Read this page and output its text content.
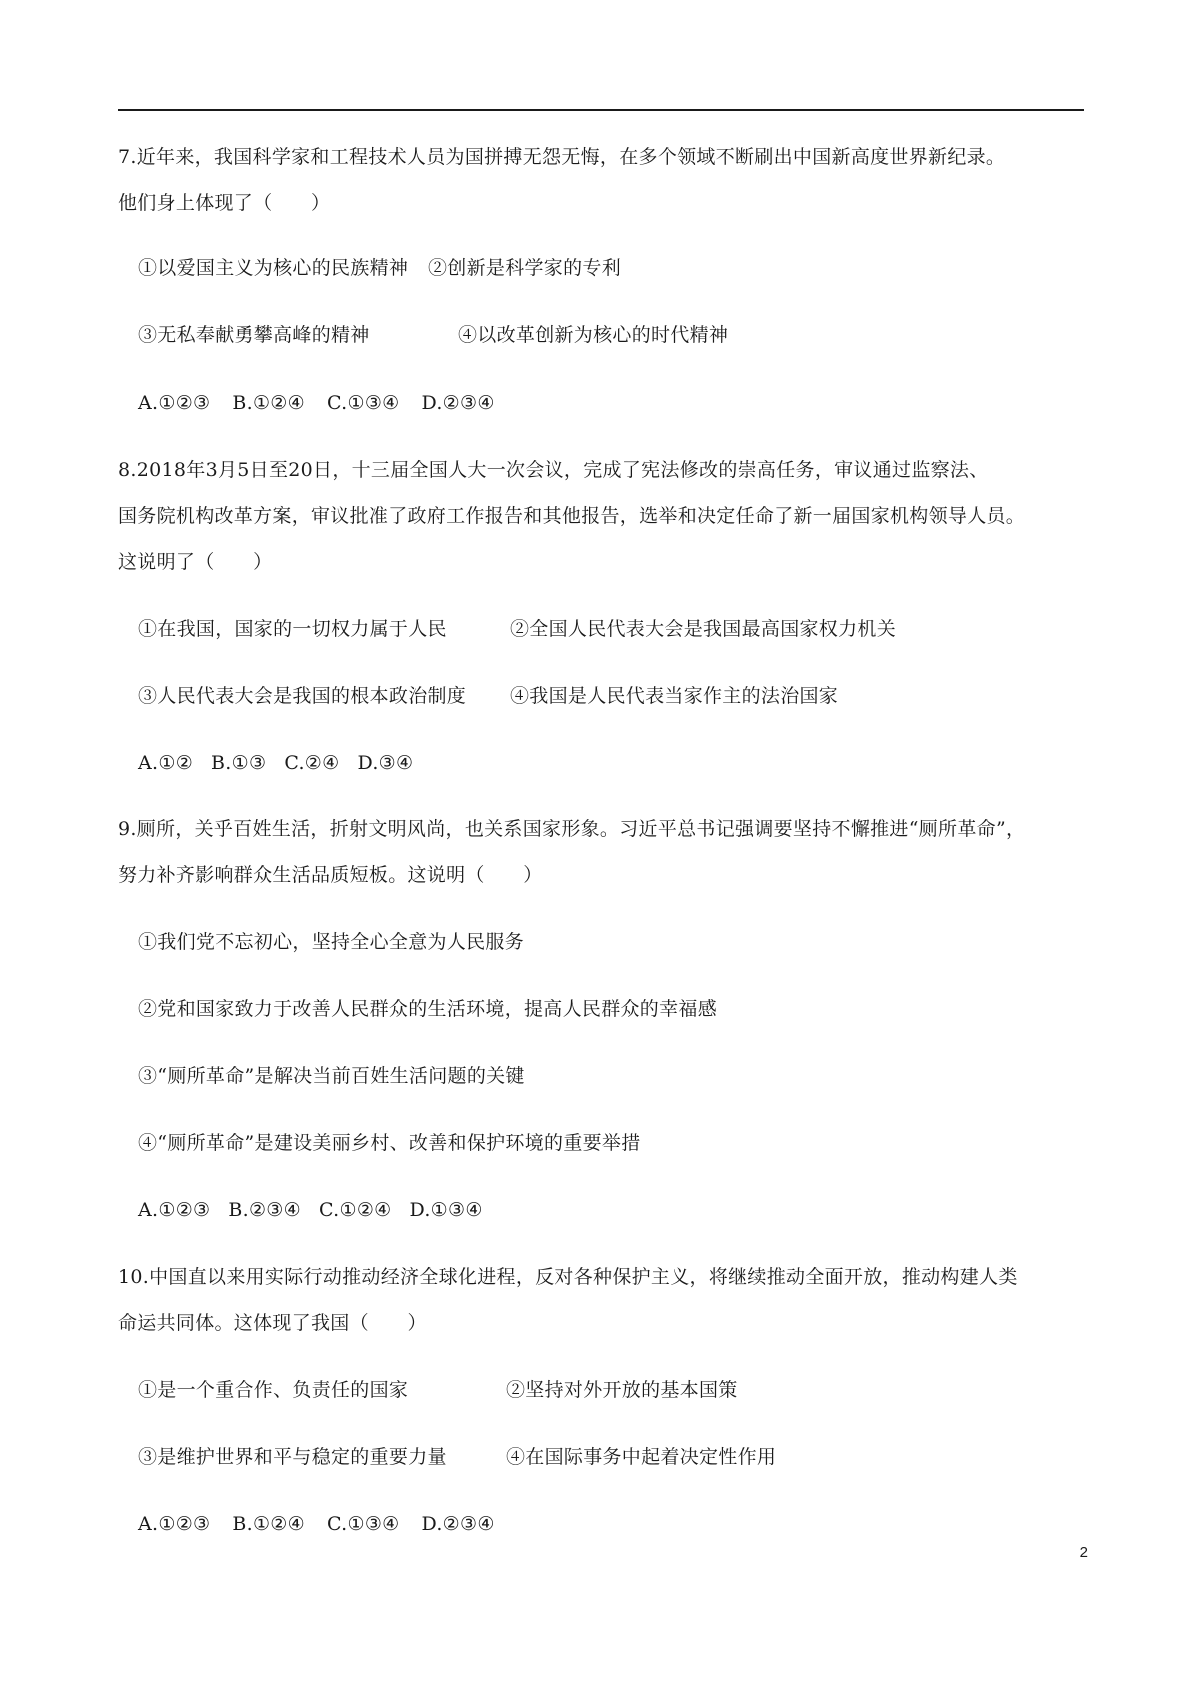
7.近年来，我国科学家和工程技术人员为国拼搏无怨无悔，在多个领域不断刷出中国新高度世界新纪录。
他们身上体现了（　　）
①以爱国主义为核心的民族精神 ②创新是科学家的专利
③无私奉献勇攀高峰的精神	④以改革创新为核心的时代精神
A.①②③ B.①②④ C.①③④ D.②③④
8.2018年3月5日至20日，十三届全国人大一次会议，完成了宪法修改的崇高任务，审议通过监察法、
国务院机构改革方案，审议批准了政府工作报告和其他报告，选举和决定任命了新一届国家机构领导人员。
这说明了（　　）
①在我国，国家的一切权力属于人民	②全国人民代表大会是我国最高国家权力机关
③人民代表大会是我国的根本政治制度 ④我国是人民代表当家作主的法治国家
A.①② B.①③ C.②④ D.③④
9.厕所，关乎百姓生活，折射文明风尚，也关系国家形象。习近平总书记强调要坚持不懈推进“厕所革命”，
努力补齐影响群众生活品质短板。这说明（　　）
①我们党不忘初心，坚持全心全意为人民服务
②党和国家致力于改善人民群众的生活环境，提高人民群众的幸福感
③“厕所革命”是解决当前百姓生活问题的关键
④“厕所革命”是建设美丽乡村、改善和保护环境的重要举措
A.①②③ B.②③④ C.①②④ D.①③④
10.中国直以来用实际行动推动经济全球化进程，反对各种保护主义，将继续推动全面开放，推动构建人类
命运共同体。这体现了我国（　　）
①是一个重合作、负责任的国家	②坚持对外开放的基本国策
③是维护世界和平与稳定的重要力量	④在国际事务中起着决定性作用
A.①②③ B.①②④ C.①③④ D.②③④
2
